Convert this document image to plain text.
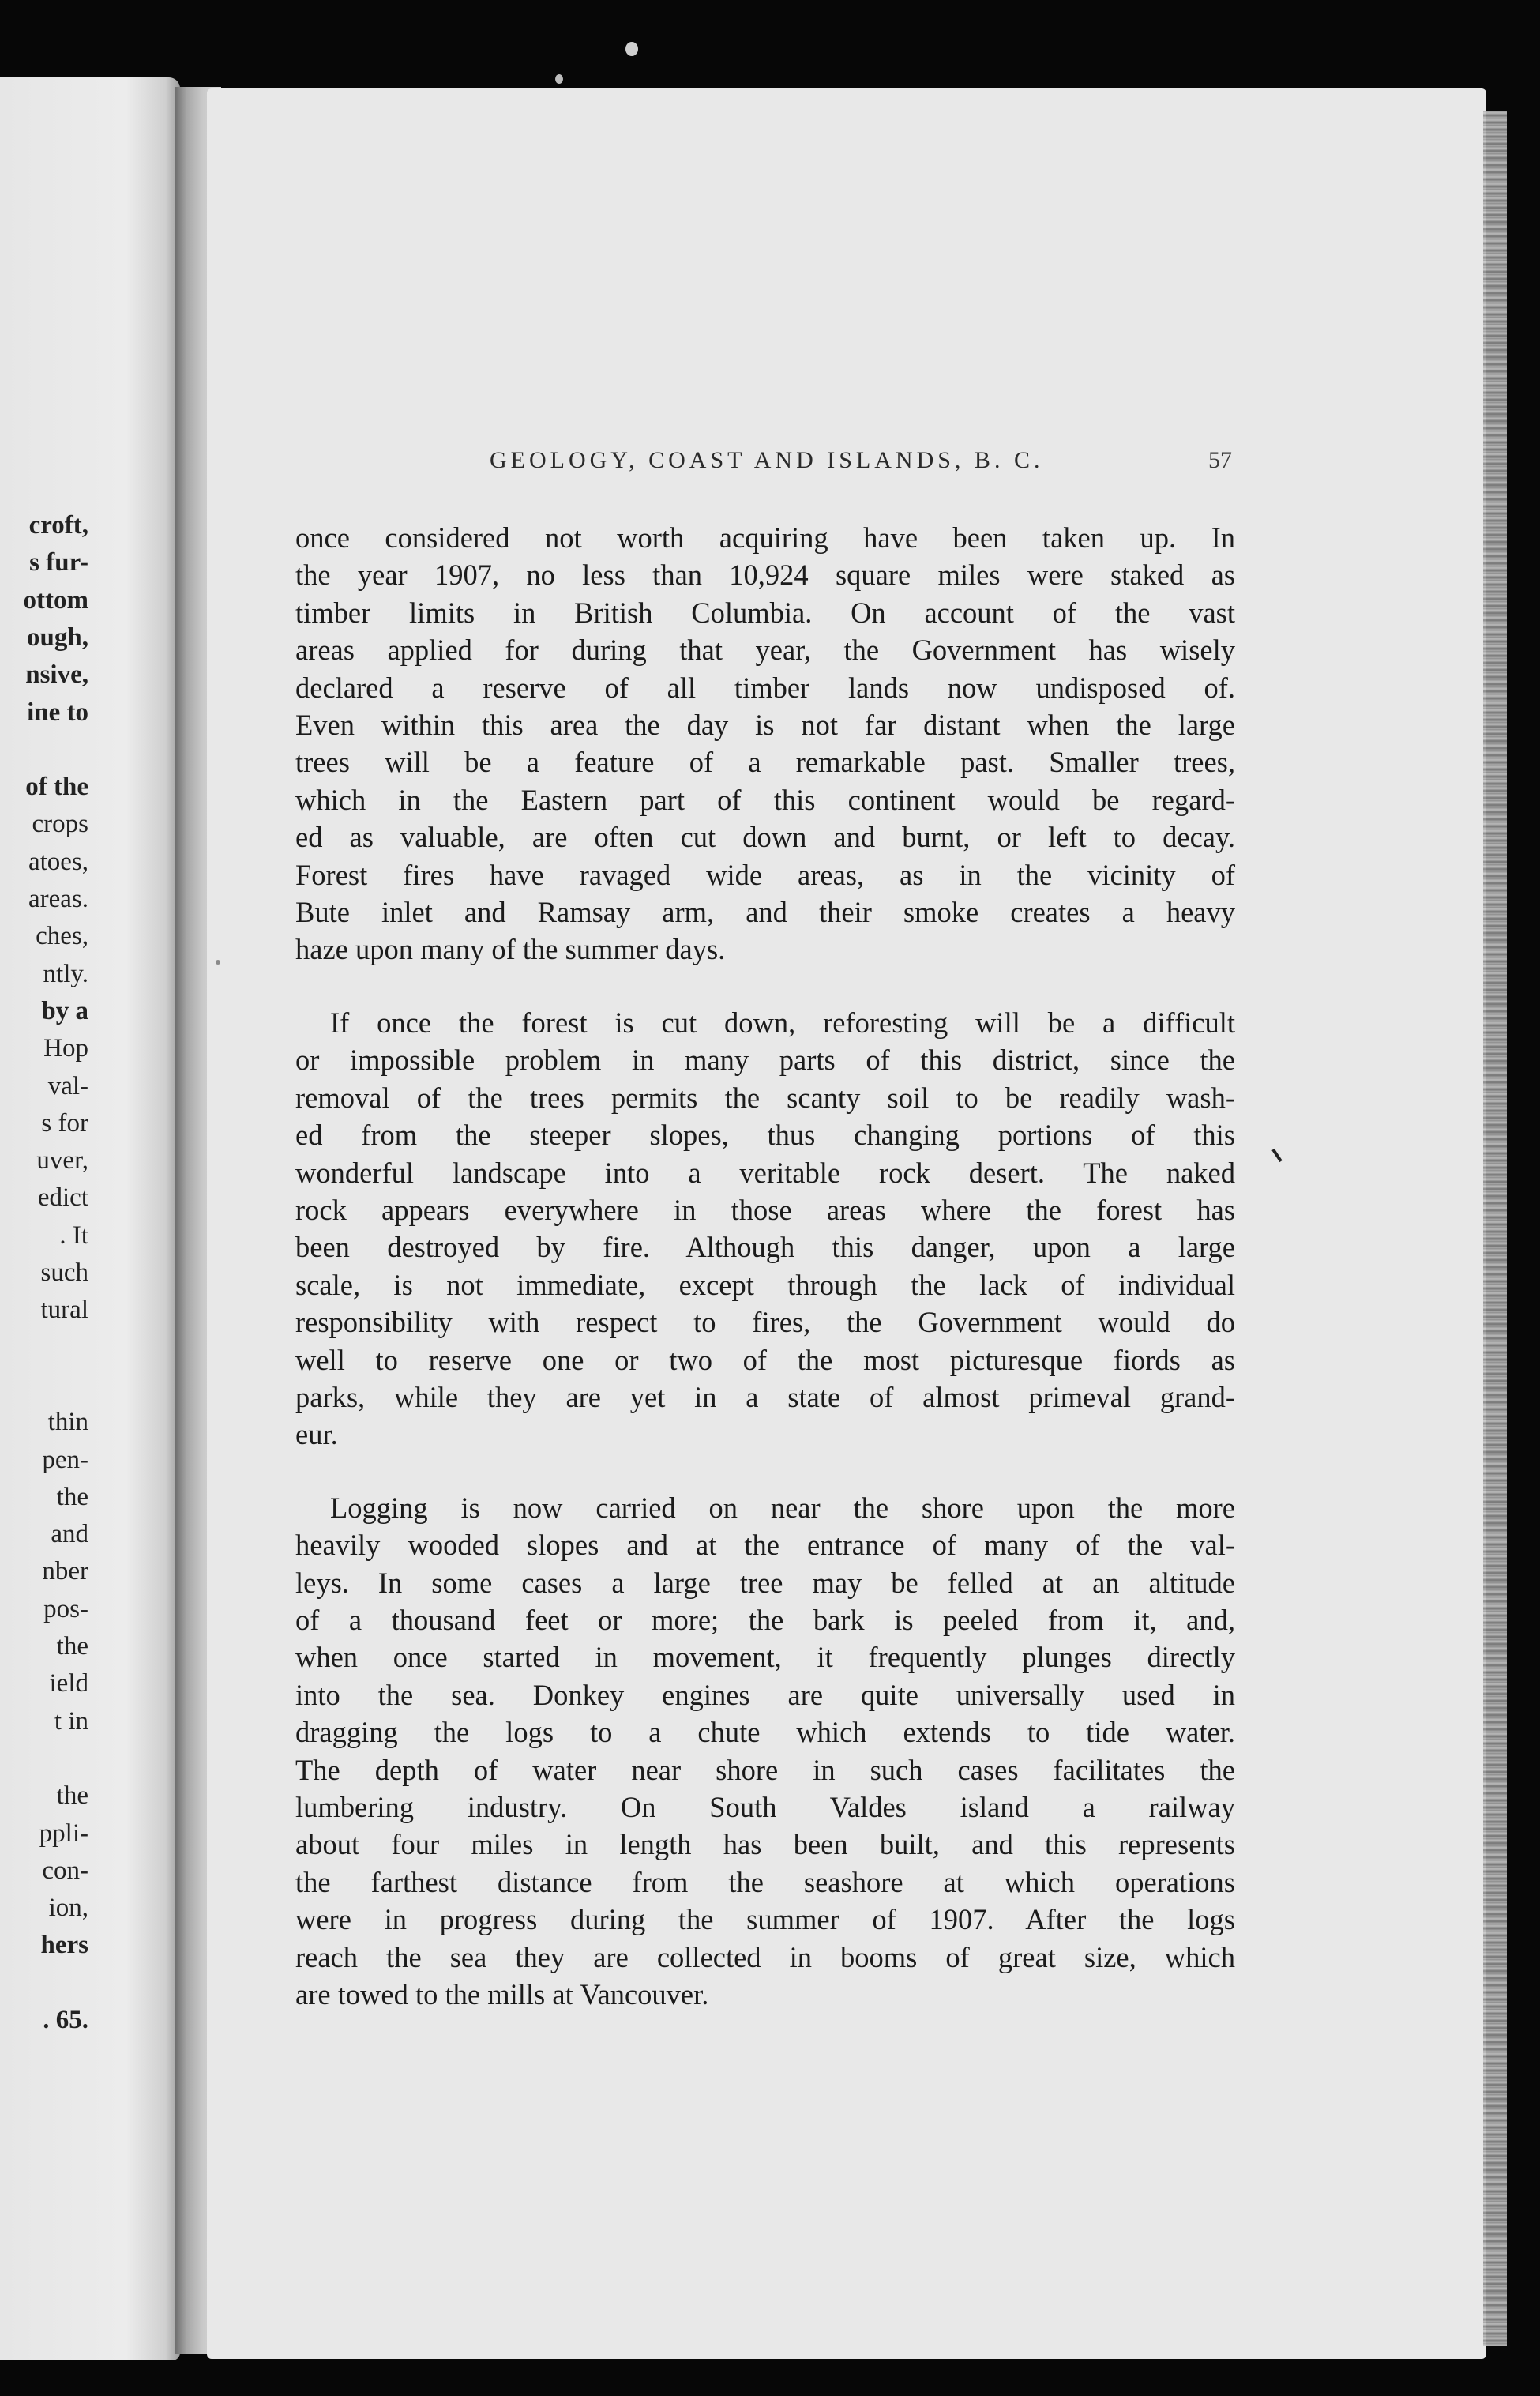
croft,
s fur-
ottom
ough,
nsive,
ine to
of the
crops
atoes,
areas.
ches,
ntly.
by a
Hop
val-
s for
uver,
edict
. It
such
tural
thin
pen-
the
and
nber
pos-
the
ield
t in
the
ppli-
con-
ion,
hers
. 65.
GEOLOGY, COAST AND ISLANDS, B. C.	57
once considered not worth acquiring have been taken up. In
the year 1907, no less than 10,924 square miles were staked as
timber limits in British Columbia. On account of the vast
areas applied for during that year, the Government has wisely
declared a reserve of all timber lands now undisposed of.
Even within this area the day is not far distant when the large
trees will be a feature of a remarkable past. Smaller trees,
which in the Eastern part of this continent would be regard-
ed as valuable, are often cut down and burnt, or left to decay.
Forest fires have ravaged wide areas, as in the vicinity of
Bute inlet and Ramsay arm, and their smoke creates a heavy
haze upon many of the summer days.
If once the forest is cut down, reforesting will be a difficult
or impossible problem in many parts of this district, since the
removal of the trees permits the scanty soil to be readily wash-
ed from the steeper slopes, thus changing portions of this
wonderful landscape into a veritable rock desert. The naked
rock appears everywhere in those areas where the forest has
been destroyed by fire. Although this danger, upon a large
scale, is not immediate, except through the lack of individual
responsibility with respect to fires, the Government would do
well to reserve one or two of the most picturesque fiords as
parks, while they are yet in a state of almost primeval grand-
eur.
Logging is now carried on near the shore upon the more
heavily wooded slopes and at the entrance of many of the val-
leys. In some cases a large tree may be felled at an altitude
of a thousand feet or more; the bark is peeled from it, and,
when once started in movement, it frequently plunges directly
into the sea. Donkey engines are quite universally used in
dragging the logs to a chute which extends to tide water.
The depth of water near shore in such cases facilitates the
lumbering industry. On South Valdes island a railway
about four miles in length has been built, and this represents
the farthest distance from the seashore at which operations
were in progress during the summer of 1907. After the logs
reach the sea they are collected in booms of great size, which
are towed to the mills at Vancouver.
